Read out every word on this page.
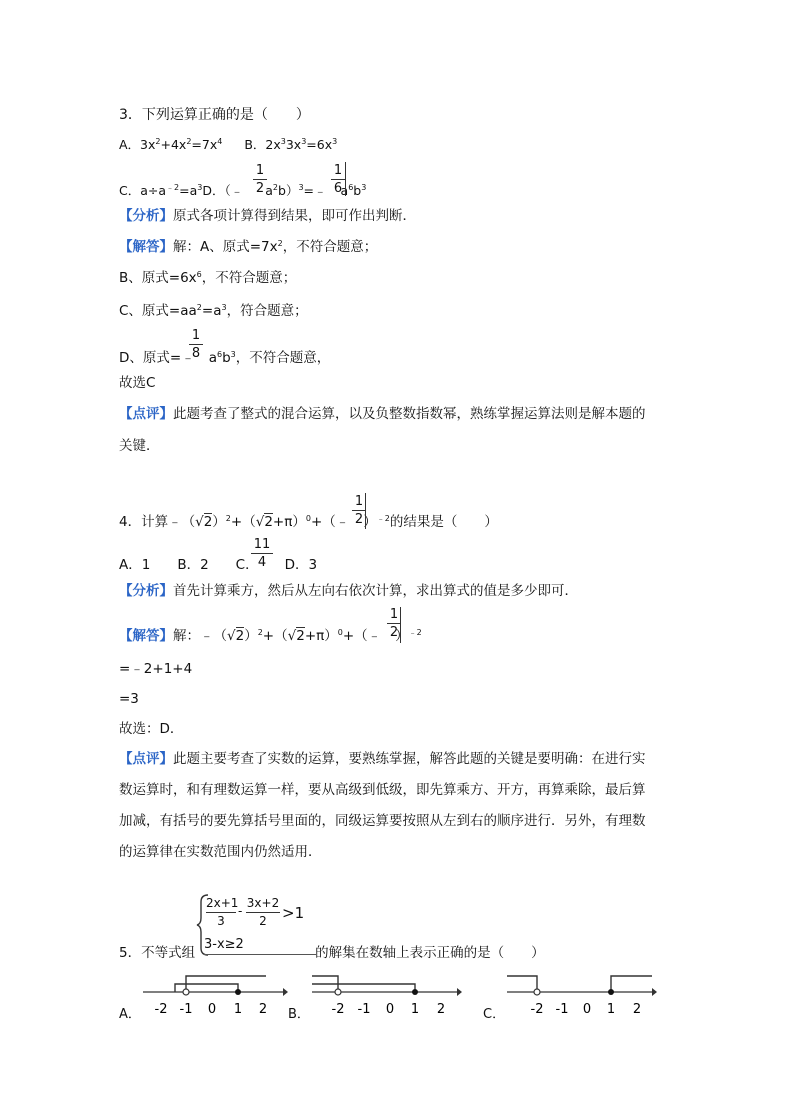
3．下列运算正确的是（　　）
A．$3x^2+4x^2=7x^4$ B．$2x^33x^3=6x^3$
C．$a\div a^{﹣2}=a^3D$．（﹣ $a^2b)^3=﹣$ $a^6b^3$
1
2
1
6
【分析】原式各项计算得到结果，即可作出判断．
【解答】解：A、原式$=7x^2$，不符合题意；
B、原式$=6x^6$，不符合题意；
C、原式$=aa^2=a^3$，符合题意；
D、原式=﹣ $a^6b^3$，不符合题意，
1
8
故选C
【点评】此题考查了整式的混合运算，以及负整数指数幂，熟练掌握运算法则是解本题的
关键．
4．计算$﹣(√2)^2+(√2+\pi)^0+(﹣$ ）$^{﹣2}$的结果是（　　）
1
2
A．1　　B．2　　C． D．3
11
4
【分析】首先计算乘方，然后从左向右依次计算，求出算式的值是多少即可．
【解答】解：$﹣(√2)^2+(√2+\pi)^0+(﹣$ ）$^{﹣2}$
1
2
=﹣2+1+4
=3
故选：D．
【点评】此题主要考查了实数的运算，要熟练掌握，解答此题的关键是要明确：在进行实
数运算时，和有理数运算一样，要从高级到低级，即先算乘方、开方，再算乘除，最后算
加减，有括号的要先算括号里面的，同级运算要按照从左到右的顺序进行．另外，有理数
的运算律在实数范围内仍然适用．
2x+1
3
-
3x+2
2	>1
3-x≥2
5．不等式组	的解集在数轴上表示正确的是（　　）
A． -2 -1 0 1 2 B． -2 -1 0 1 2	C． -2 -1 0 1 2
